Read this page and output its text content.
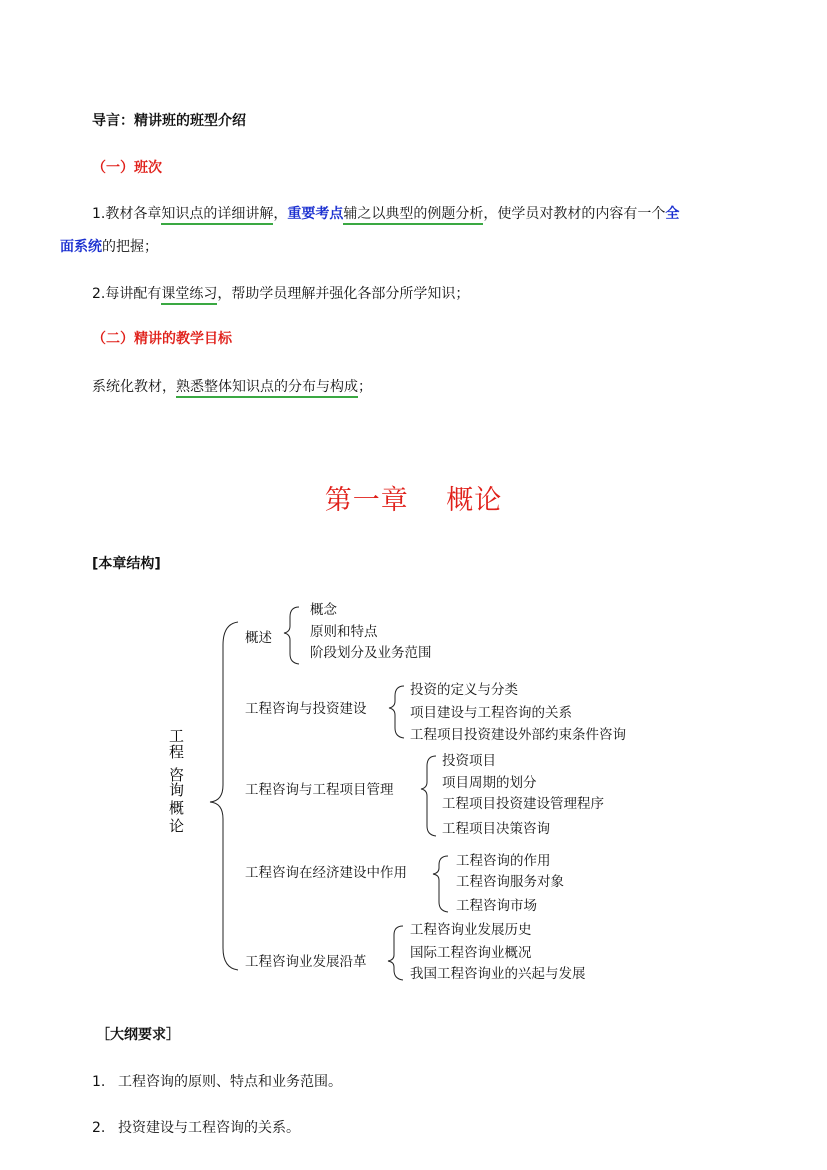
导言：精讲班的班型介绍
（一）班次
1.教材各章知识点的详细讲解，重要考点辅之以典型的例题分析，使学员对教材的内容有一个全
面系统的把握；
2.每讲配有课堂练习，帮助学员理解并强化各部分所学知识；
（二）精讲的教学目标
系统化教材，熟悉整体知识点的分布与构成；
第一章　 概论
[本章结构]
工
程
咨
询
概
论
概述
工程咨询与投资建设
工程咨询与工程项目管理
工程咨询在经济建设中作用
工程咨询业发展沿革
概念
原则和特点
阶段划分及业务范围
投资的定义与分类
项目建设与工程咨询的关系
工程项目投资建设外部约束条件咨询
投资项目
项目周期的划分
工程项目投资建设管理程序
工程项目决策咨询
工程咨询的作用
工程咨询服务对象
工程咨询市场
工程咨询业发展历史
国际工程咨询业概况
我国工程咨询业的兴起与发展
［大纲要求］
1. 工程咨询的原则、特点和业务范围。
2. 投资建设与工程咨询的关系。
